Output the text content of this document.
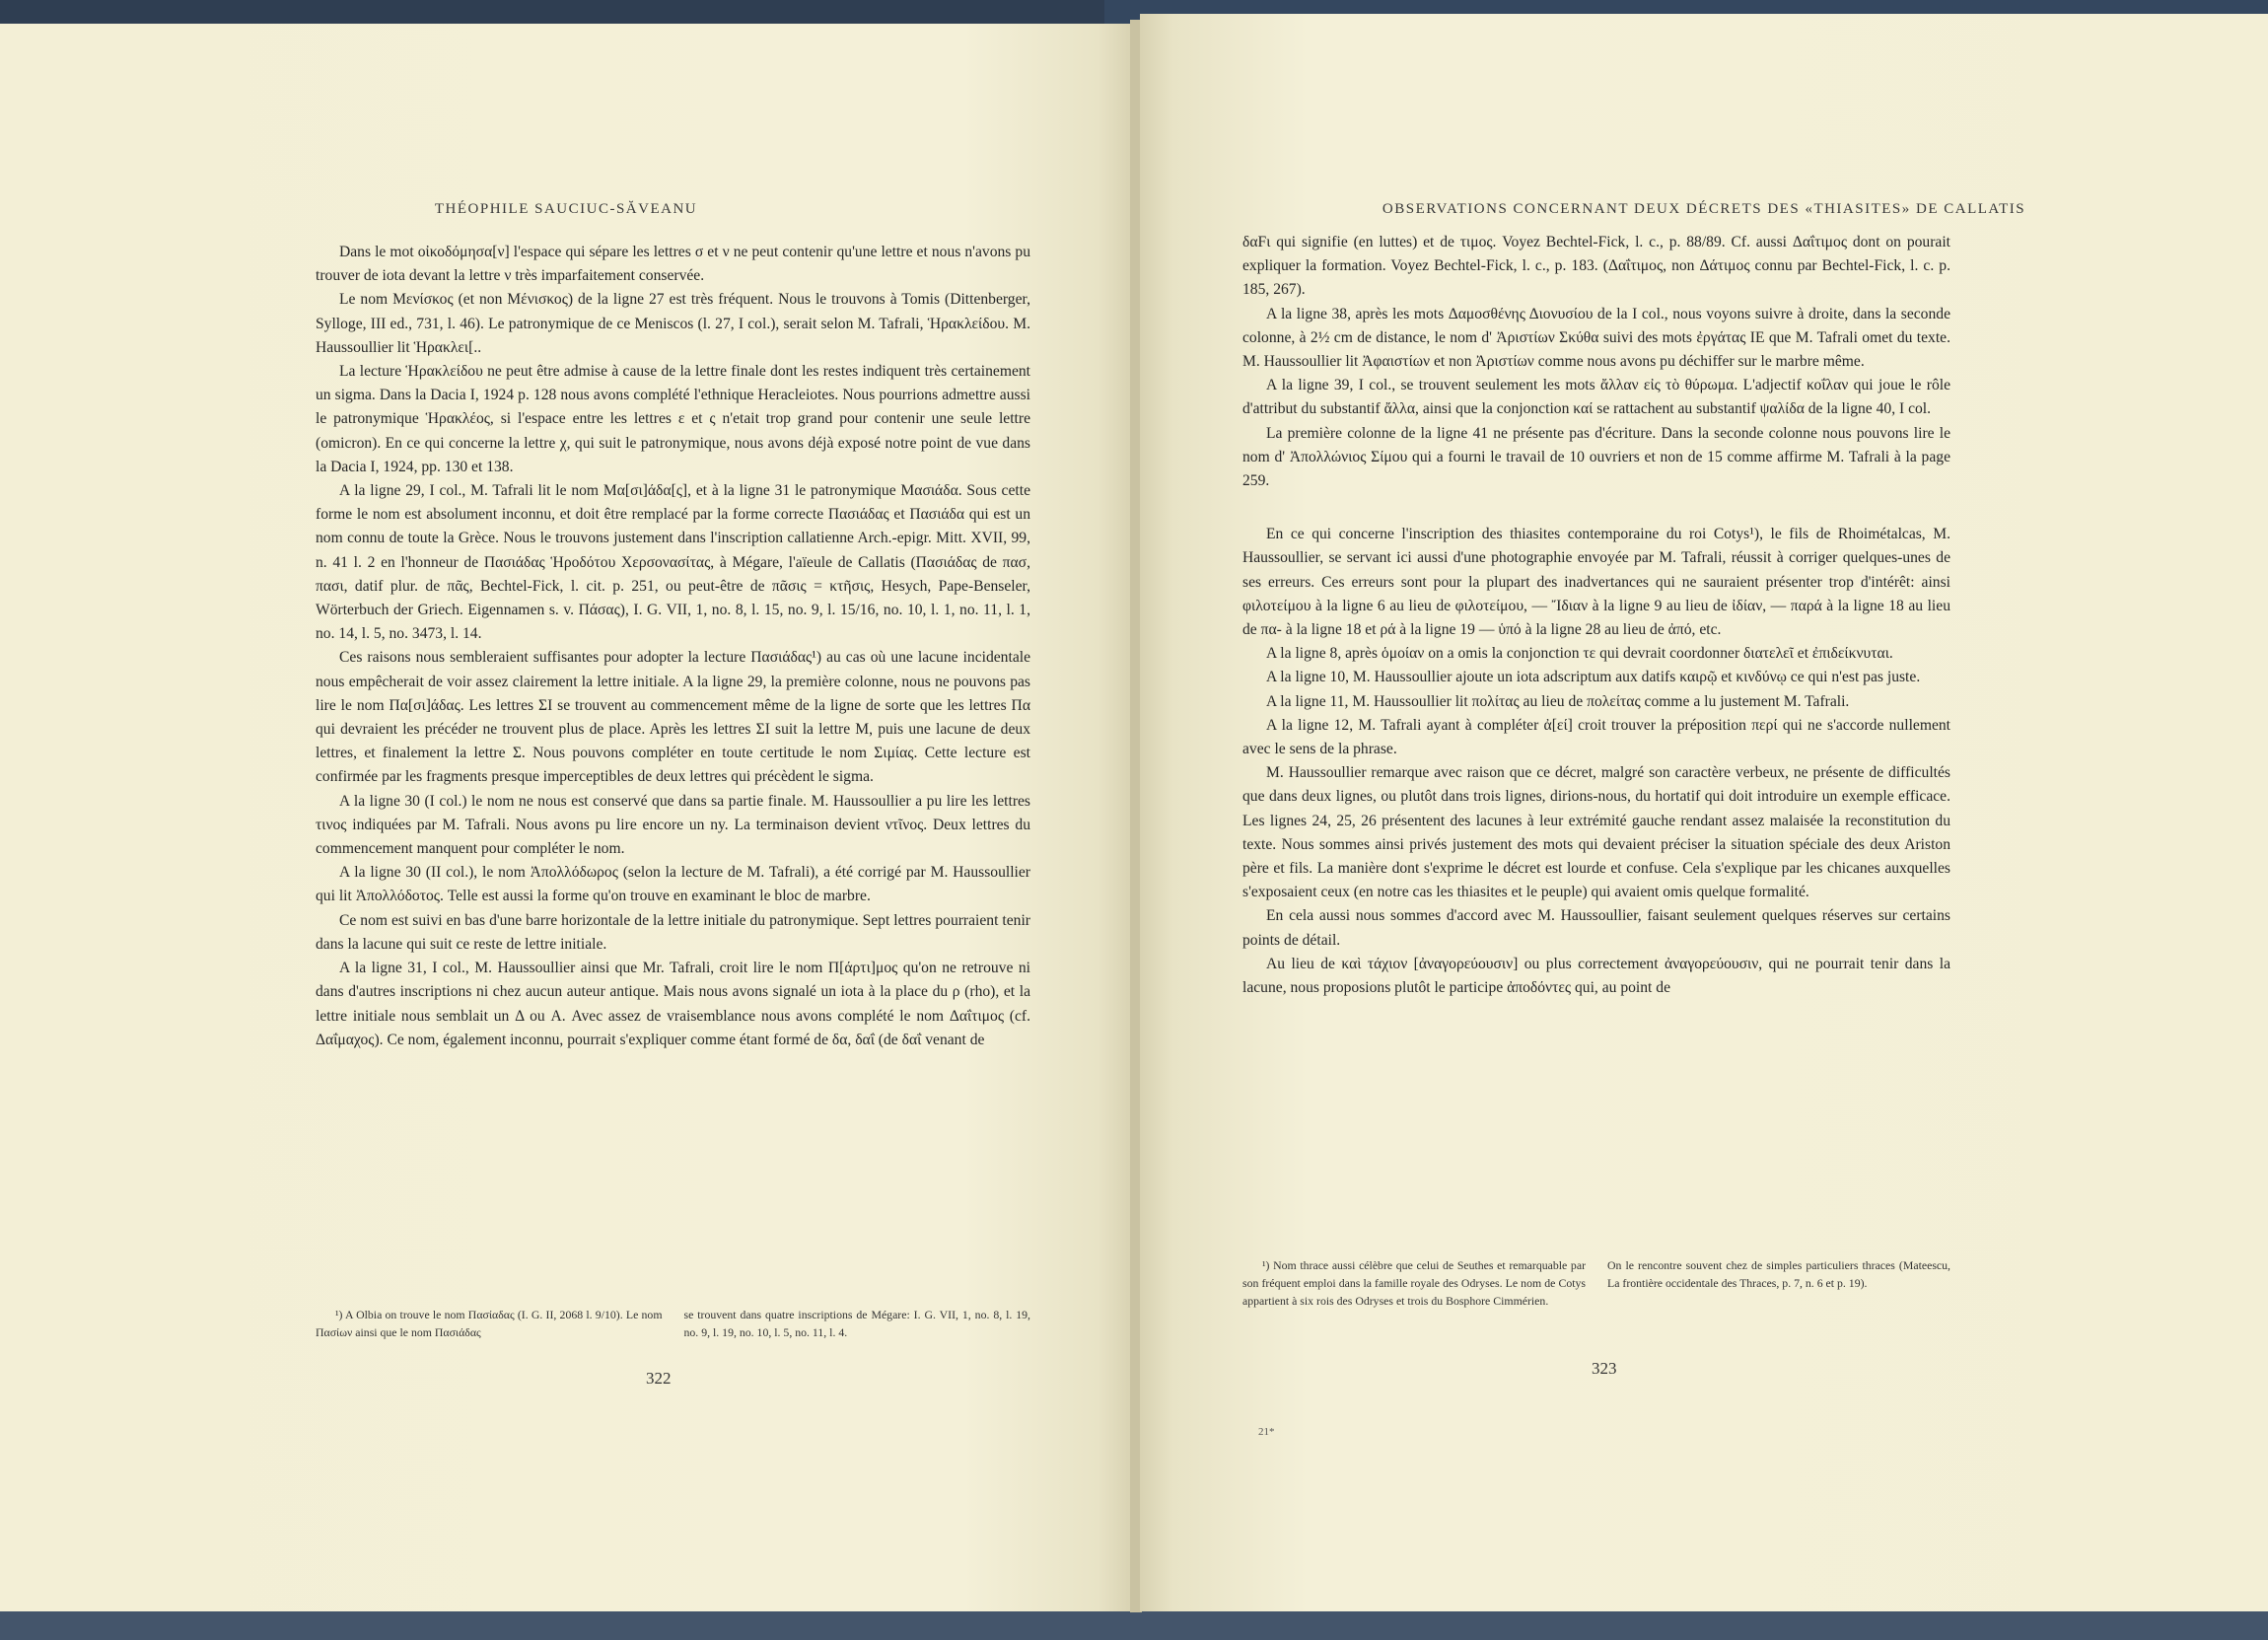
THÉOPHILE SAUCIUC-SĂVEANU

Dans le mot οἰκοδόμησα[ν] l'espace qui sépare les lettres σ et ν ne peut contenir qu'une lettre et nous n'avons pu trouver de iota devant la lettre ν très imparfaitement conservée.

Le nom Μενίσκος (et non Μένισκος) de la ligne 27 est très fréquent. Nous le trouvons à Tomis (Dittenberger, Sylloge, III ed., 731, l. 46). Le patronymique de ce Meniscos (l. 27, I col.), serait selon M. Tafrali, Ἡρακλείδου. M. Haussoullier lit Ἡρακλει[..

La lecture Ἡρακλείδου ne peut être admise à cause de la lettre finale dont les restes indiquent très certainement un sigma. Dans la Dacia I, 1924 p. 128 nous avons complété l'ethnique Heracleiotes. Nous pourrions admettre aussi le patronymique Ἡρακλέος, si l'espace entre les lettres ε et ς n'etait trop grand pour contenir une seule lettre (omicron). En ce qui concerne la lettre χ, qui suit le patronymique, nous avons déjà exposé notre point de vue dans la Dacia I, 1924, pp. 130 et 138.

A la ligne 29, I col., M. Tafrali lit le nom Μα[σι]άδα[ς], et à la ligne 31 le patronymique Μασιάδα. Sous cette forme le nom est absolument inconnu, et doit être remplacé par la forme correcte Πασιάδας et Πασιάδα qui est un nom connu de toute la Grèce. Nous le trouvons justement dans l'inscription callatienne Arch.-epigr. Mitt. XVII, 99, n. 41 l. 2 en l'honneur de Πασιάδας Ἡροδότου Χερσονασίτας, à Mégare, l'aïeule de Callatis (Πασιάδας de πασ, πασι, datif plur. de πᾶς, Bechtel-Fick, l. cit. p. 251, ou peut-être de πᾶσις = κτῆσις, Hesych, Pape-Benseler, Wörterbuch der Griech. Eigennamen s. v. Πάσας), I. G. VII, 1, no. 8, l. 15, no. 9, l. 15/16, no. 10, l. 1, no. 11, l. 1, no. 14, l. 5, no. 3473, l. 14.

Ces raisons nous sembleraient suffisantes pour adopter la lecture Πασιάδας¹) au cas où une lacune incidentale nous empêcherait de voir assez clairement la lettre initiale. A la ligne 29, la première colonne, nous ne pouvons pas lire le nom Πα[σι]άδας. Les lettres ΣΙ se trouvent au commencement même de la ligne de sorte que les lettres Πα qui devraient les précéder ne trouvent plus de place. Après les lettres ΣΙ suit la lettre Μ, puis une lacune de deux lettres, et finalement la lettre Σ. Nous pouvons compléter en toute certitude le nom Σιμίας. Cette lecture est confirmée par les fragments presque imperceptibles de deux lettres qui précèdent le sigma.

A la ligne 30 (I col.) le nom ne nous est conservé que dans sa partie finale. M. Haussoullier a pu lire les lettres τινος indiquées par M. Tafrali. Nous avons pu lire encore un ny. La terminaison devient ντῖνος. Deux lettres du commencement manquent pour compléter le nom.

A la ligne 30 (II col.), le nom Ἀπολλόδωρος (selon la lecture de M. Tafrali), a été corrigé par M. Haussoullier qui lit Ἀπολλόδοτος. Telle est aussi la forme qu'on trouve en examinant le bloc de marbre.

Ce nom est suivi en bas d'une barre horizontale de la lettre initiale du patronymique. Sept lettres pourraient tenir dans la lacune qui suit ce reste de lettre initiale.

A la ligne 31, I col., M. Haussoullier ainsi que Mr. Tafrali, croit lire le nom Π[άρτι]μος qu'on ne retrouve ni dans d'autres inscriptions ni chez aucun auteur antique. Mais nous avons signalé un iota à la place du ρ (rho), et la lettre initiale nous semblait un Δ ou Α. Avec assez de vraisemblance nous avons complété le nom Δαΐτιμος (cf. Δαΐμαχος). Ce nom, également inconnu, pourrait s'expliquer comme étant formé de δα, δαΐ (de δαΐ venant de

¹) A Olbia on trouve le nom Πασίαδας (I. G. II, 2068 l. 9/10). Le nom Πασίων ainsi que le nom Πασιάδας

se trouvent dans quatre inscriptions de Mégare: I. G. VII, 1, no. 8, l. 19, no. 9, l. 19, no. 10, l. 5, no. 11, l. 4.

322
OBSERVATIONS CONCERNANT DEUX DÉCRETS DES «THIASITES» DE CALLATIS

δαFι qui signifie (en luttes) et de τιμος. Voyez Bechtel-Fick, l. c., p. 88/89. Cf. aussi Δαΐτιμος dont on pourait expliquer la formation. Voyez Bechtel-Fick, l. c., p. 183. (Δαΐτιμος, non Δάτιμος connu par Bechtel-Fick, l. c. p. 185, 267).

A la ligne 38, après les mots Δαμοσθένης Διονυσίου de la I col., nous voyons suivre à droite, dans la seconde colonne, à 2½ cm de distance, le nom d' Ἀριστίων Σκύθα suivi des mots ἐργάτας ΙΕ que M. Tafrali omet du texte. M. Haussoullier lit Ἀφαιστίων et non Ἀριστίων comme nous avons pu déchiffer sur le marbre même.

A la ligne 39, I col., se trouvent seulement les mots ἄλλαν εἰς τὸ θύρωμα. L'adjectif κοΐλαν qui joue le rôle d'attribut du substantif ἄλλα, ainsi que la conjonction καί se rattachent au substantif ψαλίδα de la ligne 40, I col.

La première colonne de la ligne 41 ne présente pas d'écriture. Dans la seconde colonne nous pouvons lire le nom d' Ἀπολλώνιος Σίμου qui a fourni le travail de 10 ouvriers et non de 15 comme affirme M. Tafrali à la page 259.

En ce qui concerne l'inscription des thiasites contemporaine du roi Cotys¹), le fils de Rhoimétalcas, M. Haussoullier, se servant ici aussi d'une photographie envoyée par M. Tafrali, réussit à corriger quelques-unes de ses erreurs. Ces erreurs sont pour la plupart des inadvertances qui ne sauraient présenter trop d'intérêt: ainsi φιλοτείμου à la ligne 6 au lieu de φιλοτείμου, — Ἴδιαν à la ligne 9 au lieu de ἰδίαν, — παρά à la ligne 18 au lieu de πα- à la ligne 18 et ρά à la ligne 19 — ὑπό à la ligne 28 au lieu de ἀπό, etc.

A la ligne 8, après ὁμοίαν on a omis la conjonction τε qui devrait coordonner διατελεῖ et ἐπιδείκνυται.

A la ligne 10, M. Haussoullier ajoute un iota adscriptum aux datifs καιρῷ et κινδύνῳ ce qui n'est pas juste.

A la ligne 11, M. Haussoullier lit πολίτας au lieu de πολείτας comme a lu justement M. Tafrali.

A la ligne 12, M. Tafrali ayant à compléter ἀ[εί] croit trouver la préposition περί qui ne s'accorde nullement avec le sens de la phrase.

M. Haussoullier remarque avec raison que ce décret, malgré son caractère verbeux, ne présente de difficultés que dans deux lignes, ou plutôt dans trois lignes, dirions-nous, du hortatif qui doit introduire un exemple efficace. Les lignes 24, 25, 26 présentent des lacunes à leur extrémité gauche rendant assez malaisée la reconstitution du texte. Nous sommes ainsi privés justement des mots qui devaient préciser la situation spéciale des deux Ariston père et fils. La manière dont s'exprime le décret est lourde et confuse. Cela s'explique par les chicanes auxquelles s'exposaient ceux (en notre cas les thiasites et le peuple) qui avaient omis quelque formalité.

En cela aussi nous sommes d'accord avec M. Haussoullier, faisant seulement quelques réserves sur certains points de détail.

Au lieu de καὶ τάχιον [ἀναγορεύουσιν] ou plus correctement ἀναγορεύουσιν, qui ne pourrait tenir dans la lacune, nous proposions plutôt le participe ἀποδόντες qui, au point de

¹) Nom thrace aussi célèbre que celui de Seuthes et remarquable par son fréquent emploi dans la famille royale des Odryses. Le nom de Cotys appartient à six rois des Odryses et trois du Bosphore Cimmérien.

On le rencontre souvent chez de simples particuliers thraces (Mateescu, La frontière occidentale des Thraces, p. 7, n. 6 et p. 19).

323
21*
